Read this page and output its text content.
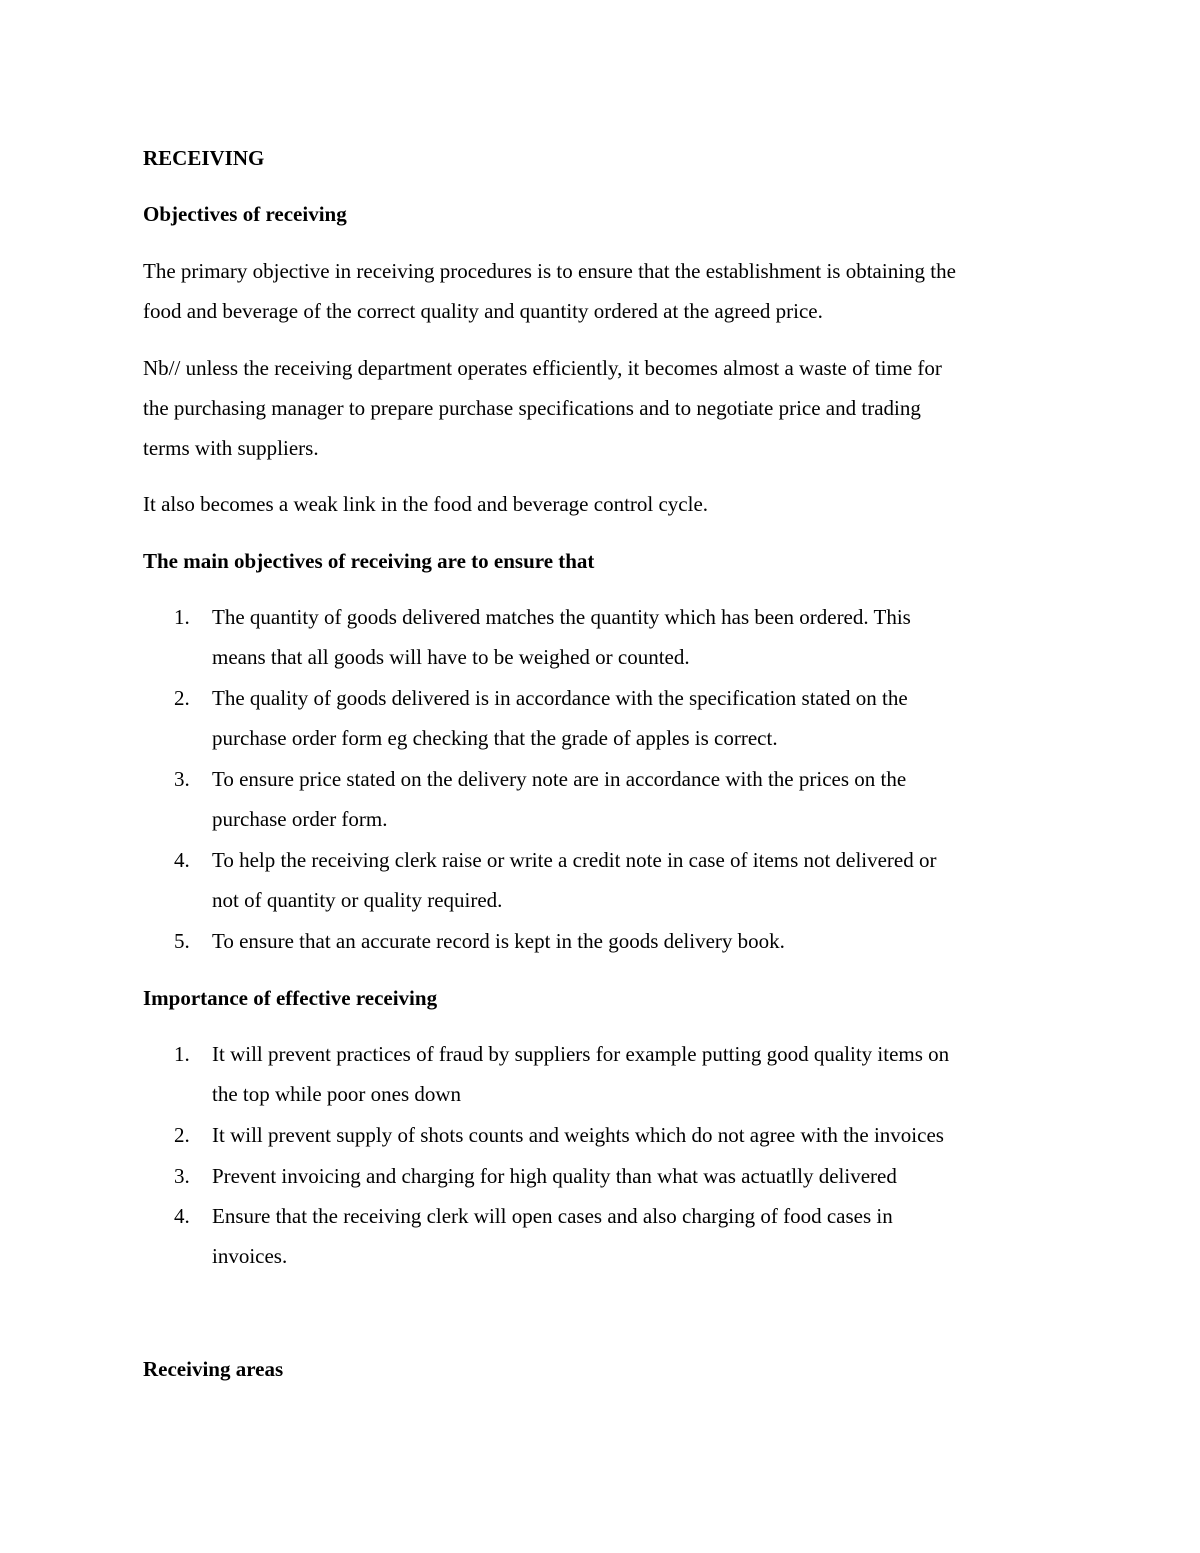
RECEIVING
Objectives of receiving
The primary objective in receiving procedures is to ensure that the establishment is obtaining the
food and beverage of the correct quality and quantity ordered at the agreed price.
Nb// unless the receiving department operates efficiently, it becomes almost a waste of time for
the purchasing manager to prepare purchase specifications and to negotiate price and trading
terms with suppliers.
It also becomes a weak link in the food and beverage control cycle.
The main objectives of receiving are to ensure that
1. The quantity of goods delivered matches the quantity which has been ordered. This
means that all goods will have to be weighed or counted.
2. The quality of goods delivered is in accordance with the specification stated on the
purchase order form eg checking that the grade of apples is correct.
3. To ensure price stated on the delivery note are in accordance with the prices on the
purchase order form.
4. To help the receiving clerk raise or write a credit note in case of items not delivered or
not of quantity or quality required.
5. To ensure that an accurate record is kept in the goods delivery book.
Importance of effective receiving
1. It will prevent practices of fraud by suppliers for example putting good quality items on
the top while poor ones down
2. It will prevent supply of shots counts and weights which do not agree with the invoices
3. Prevent invoicing and charging for high quality than what was actuatlly delivered
4. Ensure that the receiving clerk will open cases and also charging of food cases in
invoices.
Receiving areas
